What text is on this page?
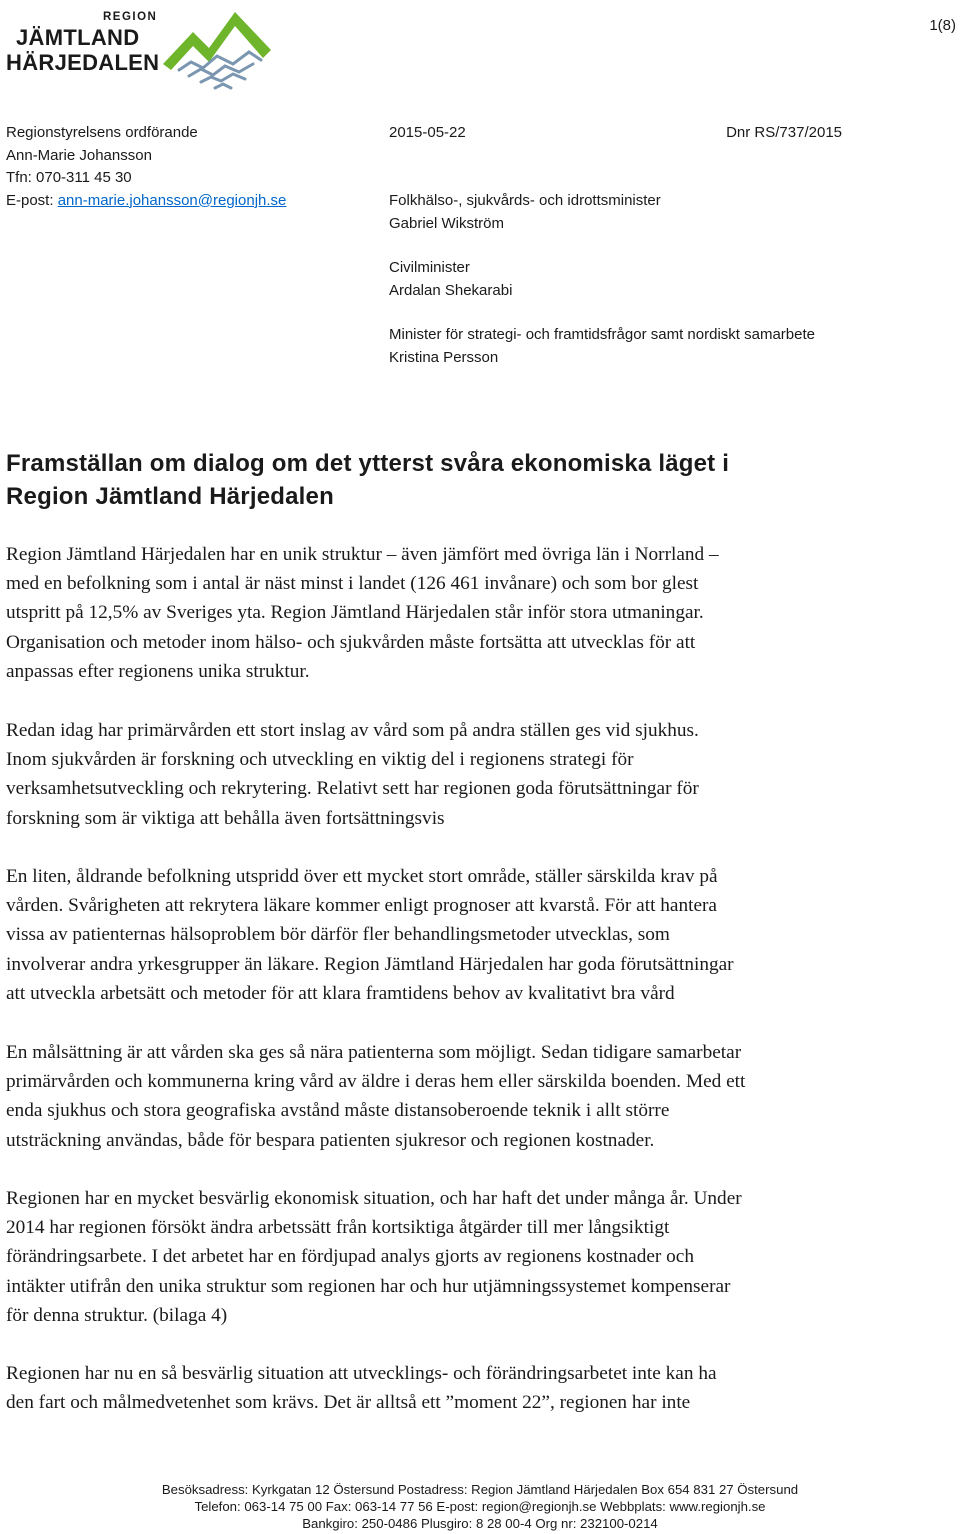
REGION
JÄMTLAND
HÄRJEDALEN
1(8)
Regionstyrelsens ordförande
Ann-Marie Johansson
Tfn: 070-311 45 30
E-post: ann-marie.johansson@regionjh.se
2015-05-22	Dnr RS/737/2015
Folkhälso-, sjukvårds- och idrottsminister
Gabriel Wikström
Civilminister
Ardalan Shekarabi
Minister för strategi- och framtidsfrågor samt nordiskt samarbete
Kristina Persson
Framställan om dialog om det ytterst svåra ekonomiska läget i
Region Jämtland Härjedalen
Region Jämtland Härjedalen har en unik struktur – även jämfört med övriga län i Norrland –
med en befolkning som i antal är näst minst i landet (126 461 invånare) och som bor glest
utspritt på 12,5% av Sveriges yta. Region Jämtland Härjedalen står inför stora utmaningar.
Organisation och metoder inom hälso- och sjukvården måste fortsätta att utvecklas för att
anpassas efter regionens unika struktur.
Redan idag har primärvården ett stort inslag av vård som på andra ställen ges vid sjukhus.
Inom sjukvården är forskning och utveckling en viktig del i regionens strategi för
verksamhetsutveckling och rekrytering. Relativt sett har regionen goda förutsättningar för
forskning som är viktiga att behålla även fortsättningsvis
En liten, åldrande befolkning utspridd över ett mycket stort område, ställer särskilda krav på
vården. Svårigheten att rekrytera läkare kommer enligt prognoser att kvarstå. För att hantera
vissa av patienternas hälsoproblem bör därför fler behandlingsmetoder utvecklas, som
involverar andra yrkesgrupper än läkare. Region Jämtland Härjedalen har goda förutsättningar
att utveckla arbetsätt och metoder för att klara framtidens behov av kvalitativt bra vård
En målsättning är att vården ska ges så nära patienterna som möjligt. Sedan tidigare samarbetar
primärvården och kommunerna kring vård av äldre i deras hem eller särskilda boenden. Med ett
enda sjukhus och stora geografiska avstånd måste distansoberoende teknik i allt större
utsträckning användas, både för bespara patienten sjukresor och regionen kostnader.
Regionen har en mycket besvärlig ekonomisk situation, och har haft det under många år. Under
2014 har regionen försökt ändra arbetssätt från kortsiktiga åtgärder till mer långsiktigt
förändringsarbete. I det arbetet har en fördjupad analys gjorts av regionens kostnader och
intäkter utifrån den unika struktur som regionen har och hur utjämningssystemet kompenserar
för denna struktur. (bilaga 4)
Regionen har nu en så besvärlig situation att utvecklings- och förändringsarbetet inte kan ha
den fart och målmedvetenhet som krävs. Det är alltså ett ”moment 22”, regionen har inte
Besöksadress: Kyrkgatan 12 Östersund Postadress: Region Jämtland Härjedalen Box 654 831 27 Östersund
Telefon: 063-14 75 00 Fax: 063-14 77 56 E-post: region@regionjh.se Webbplats: www.regionjh.se
Bankgiro: 250-0486 Plusgiro: 8 28 00-4 Org nr: 232100-0214
